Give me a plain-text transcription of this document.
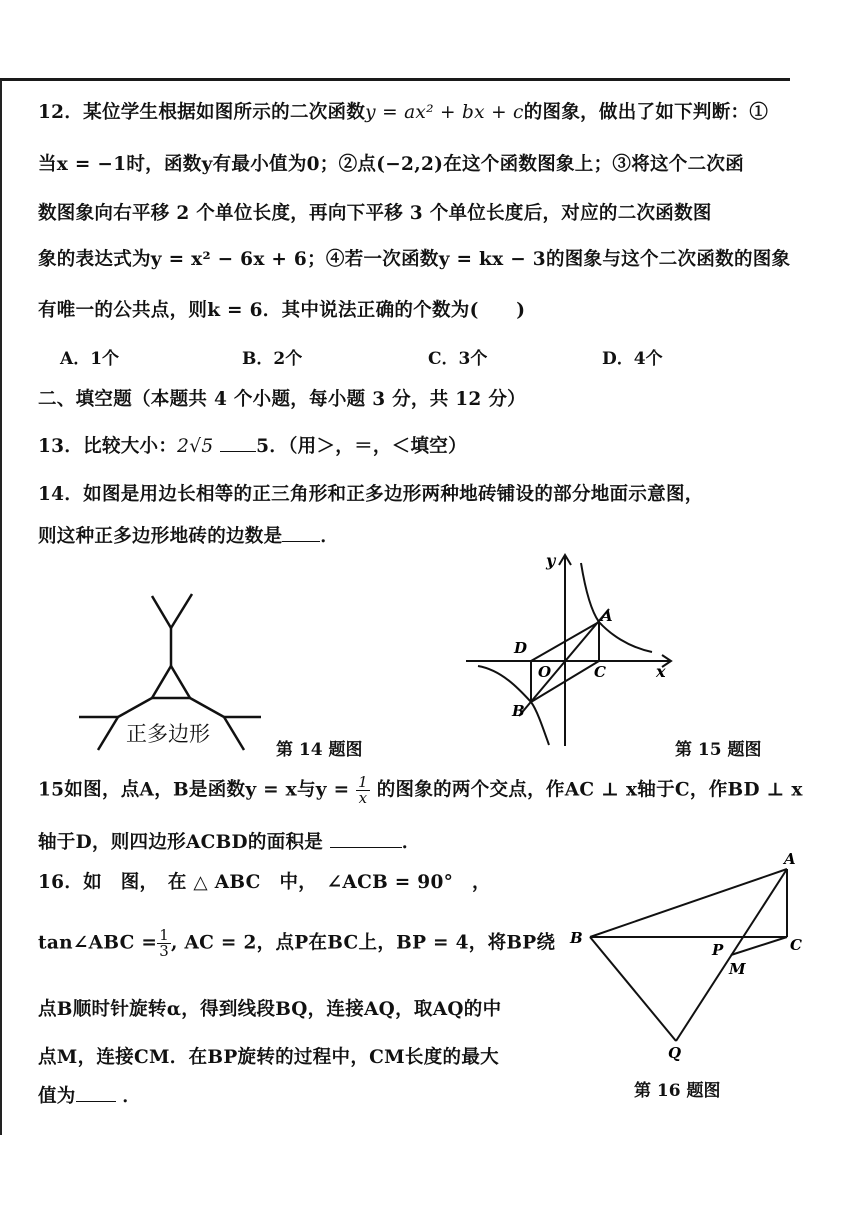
12．某位学生根据如图所示的二次函数y = ax² + bx + c的图象，做出了如下判断：①
当x = −1时，函数y有最小值为0；②点(−2,2)在这个函数图象上；③将这个二次函
数图象向右平移 2 个单位长度，再向下平移 3 个单位长度后，对应的二次函数图
象的表达式为y = x² − 6x + 6；④若一次函数y = kx − 3的图象与这个二次函数的图象
有唯一的公共点，则k = 6．其中说法正确的个数为(　　)
A．1个	B．2个	C．3个	D．4个
二、填空题（本题共 4 个小题，每小题 3 分，共 12 分）
13．比较大小：2√5 5．（用＞，＝，＜填空）
14．如图是用边长相等的正三角形和正多边形两种地砖铺设的部分地面示意图，
则这种正多边形地砖的边数是 ．
正多边形
第 14 题图
y
x
A
B
C
D
O
第 15 题图
15如图，点A，B是函数y = x与$y = \frac{1}{x}$ 的图象的两个交点，作AC ⊥ x轴于C，作BD ⊥ x
轴于D，则四边形ACBD的面积是	．
16．如　图，　在 △ ABC　中，　∠ACB = 90°　，
tan∠ABC = $\frac{1}{3}$ , AC = 2，点P在BC上，BP = 4，将BP绕
点B顺时针旋转α，得到线段BQ，连接AQ，取AQ的中
点M，连接CM．在BP旋转的过程中，CM长度的最大
值为	．
A
B	C
P
M
Q
第 16 题图
